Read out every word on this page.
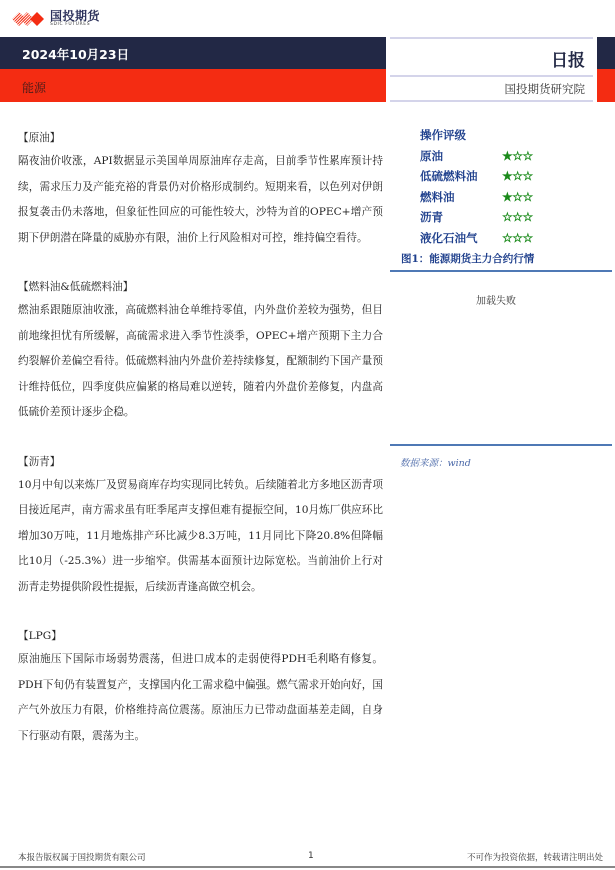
国投期货
SDIC FUTURES
2024年10月23日
能源
日报
国投期货研究院
【原油】
隔夜油价收涨，API数据显示美国单周原油库存走高，目前季节性累库预计持续，需求压力及产能充裕的背景仍对价格形成制约。短期来看，以色列对伊朗报复袭击仍未落地，但象征性回应的可能性较大，沙特为首的OPEC+增产预期下伊朗潜在降量的威胁亦有限，油价上行风险相对可控，维持偏空看待。
【燃料油&低硫燃料油】
燃油系跟随原油收涨，高硫燃料油仓单维持零值，内外盘价差较为强势，但目前地缘担忧有所缓解，高硫需求进入季节性淡季，OPEC+增产预期下主力合约裂解价差偏空看待。低硫燃料油内外盘价差持续修复，配额制约下国产量预计维持低位，四季度供应偏紧的格局难以逆转，随着内外盘价差修复，内盘高低硫价差预计逐步企稳。
【沥青】
10月中旬以来炼厂及贸易商库存均实现同比转负。后续随着北方多地区沥青项目接近尾声，南方需求虽有旺季尾声支撑但难有提振空间，10月炼厂供应环比增加30万吨，11月地炼排产环比减少8.3万吨，11月同比下降20.8%但降幅比10月（-25.3%）进一步缩窄。供需基本面预计边际宽松。当前油价上行对沥青走势提供阶段性提振，后续沥青逢高做空机会。
【LPG】
原油施压下国际市场弱势震荡，但进口成本的走弱使得PDH毛利略有修复。PDH下旬仍有装置复产，支撑国内化工需求稳中偏强。燃气需求开始向好，国产气外放压力有限，价格维持高位震荡。原油压力已带动盘面基差走阔，自身下行驱动有限，震荡为主。
操作评级
原油	★☆☆
低硫燃料油	★☆☆
燃料油	★☆☆
沥青	☆☆☆
液化石油气	☆☆☆
图1：能源期货主力合约行情
加载失败
数据来源：wind
本报告版权属于国投期货有限公司	1	不可作为投资依据，转载请注明出处
